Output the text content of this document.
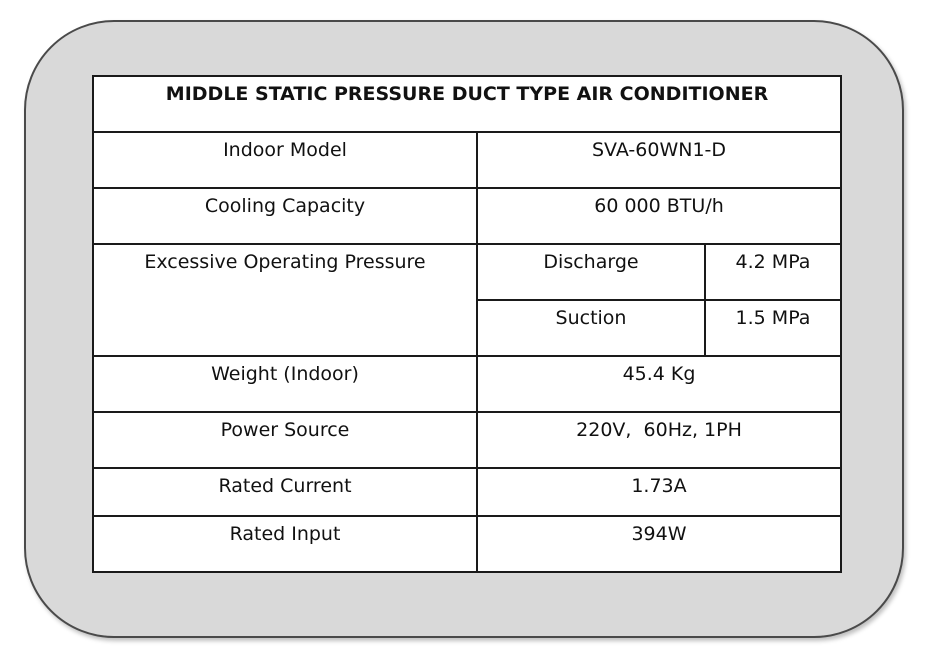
MIDDLE STATIC PRESSURE DUCT TYPE AIR CONDITIONER		

Indoor Model	SVA-60WN1-D	

Cooling Capacity	60 000 BTU/h	

Excessive Operating Pressure	Discharge	4.2 MPa

	Suction	1.5 MPa

Weight (Indoor)	45.4 Kg	

Power Source	220V,  60Hz, 1PH	

Rated Current	1.73A	

Rated Input	394W	
